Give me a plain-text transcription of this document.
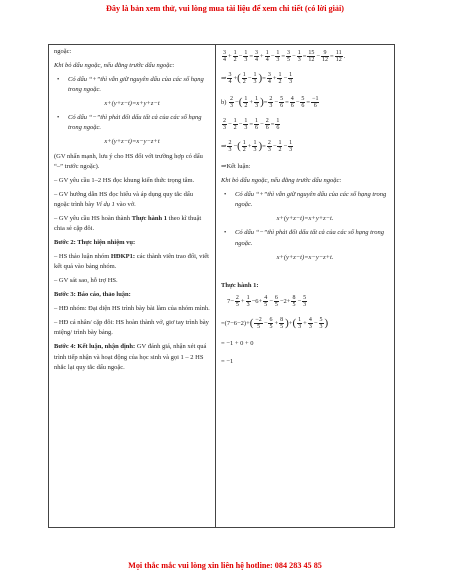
Đây là bản xem thử, vui lòng mua tài liệu để xem chi tiết (có lời giải)

ngoặc:

Khi bỏ dấu ngoặc, nếu đằng trước dấu ngoặc:

• Có dấu “+”thì vẫn giữ nguyên dấu của các số hạng trong ngoặc.
x+(y+z−t)=x+y+z−t
• Có dấu “−”thì phải đổi dấu tất cả của các số hạng trong ngoặc.
x+(y+z−t)=x−y−z+t

(GV nhấn mạnh, lưu ý cho HS đổi với trường hợp có dấu “–” trước ngoặc).

– GV yêu cầu 1–2 HS đọc khung kiến thức trọng tâm.

– GV hướng dẫn HS đọc hiểu và áp dụng quy tắc dấu ngoặc trình bày Ví dụ 1 vào vở.

– GV yêu cầu HS hoàn thành Thực hành 1 theo kĩ thuật chia sẻ cặp đôi.

Bước 2: Thực hiện nhiệm vụ:

– HS thảo luận nhóm HĐKP1: các thành viên trao đổi, viết kết quả vào bảng nhóm.

– GV sát sao, hỗ trợ HS.

Bước 3: Báo cáo, thảo luận:

– HĐ nhóm: Đại diện HS trình bày bài làm của nhóm mình.

– HĐ cá nhân/ cặp đôi: HS hoàn thành vở, giơ tay trình bày miệng/ trình bày bảng.

Bước 4: Kết luận, nhận định: GV đánh giá, nhận xét quá trình tiếp nhận và hoạt động của học sinh và gọi 1 – 2 HS nhắc lại quy tắc dấu ngoặc.

$\frac{3}{4} + \frac{1}{2} - \frac{1}{3} = \frac{3}{4} + \frac{1}{4} - \frac{1}{3} = \frac{3}{5} - \frac{1}{3} = \frac{15}{12} - \frac{9}{12} = \frac{11}{12}$ .
⇒ $\frac{3}{4}$ +( $\frac{1}{2} - \frac{1}{3}$ )= $\frac{3}{4} + \frac{1}{2} - \frac{1}{3}$
$b) \frac{2}{3}$ −( $\frac{1}{2} + \frac{1}{3}$ )= $\frac{2}{3} - \frac{5}{6} = \frac{4}{6} - \frac{5}{6} = \frac{-1}{6}$
$\frac{2}{3} - \frac{1}{2} - \frac{1}{3} = \frac{1}{6} - \frac{2}{6} = \frac{1}{6}$
⇒ $\frac{2}{3}$ −( $\frac{1}{2} + \frac{1}{3}$ )= $\frac{2}{3} - \frac{1}{2} - \frac{1}{3}$

⇒Kết luận:

Khi bỏ dấu ngoặc, nếu đằng trước dấu ngoặc:

• Có dấu “+”thì vẫn giữ nguyên dấu của các số hạng trong ngoặc.
x+(y+z−t)=x+y+z−t.
• Có dấu “−”thì phải đổi dấu tất cả của các số hạng trong ngoặc.
x+(y+z−t)=x−y−z+t.

Thực hành 1:

$7- \frac{2}{5} + \frac{1}{3} -6+ \frac{4}{5} - \frac{6}{5} -2+ \frac{8}{5} - \frac{5}{3}$
$=(7-6-2)+( \frac{-2}{5} - \frac{6}{5} + \frac{8}{5}$ )+( $\frac{1}{3} + \frac{4}{3} - \frac{5}{3}$ )

= −1 + 0 + 0

= −1

Mọi thắc mắc vui lòng xin liên hệ hotline: 084 283 45 85
